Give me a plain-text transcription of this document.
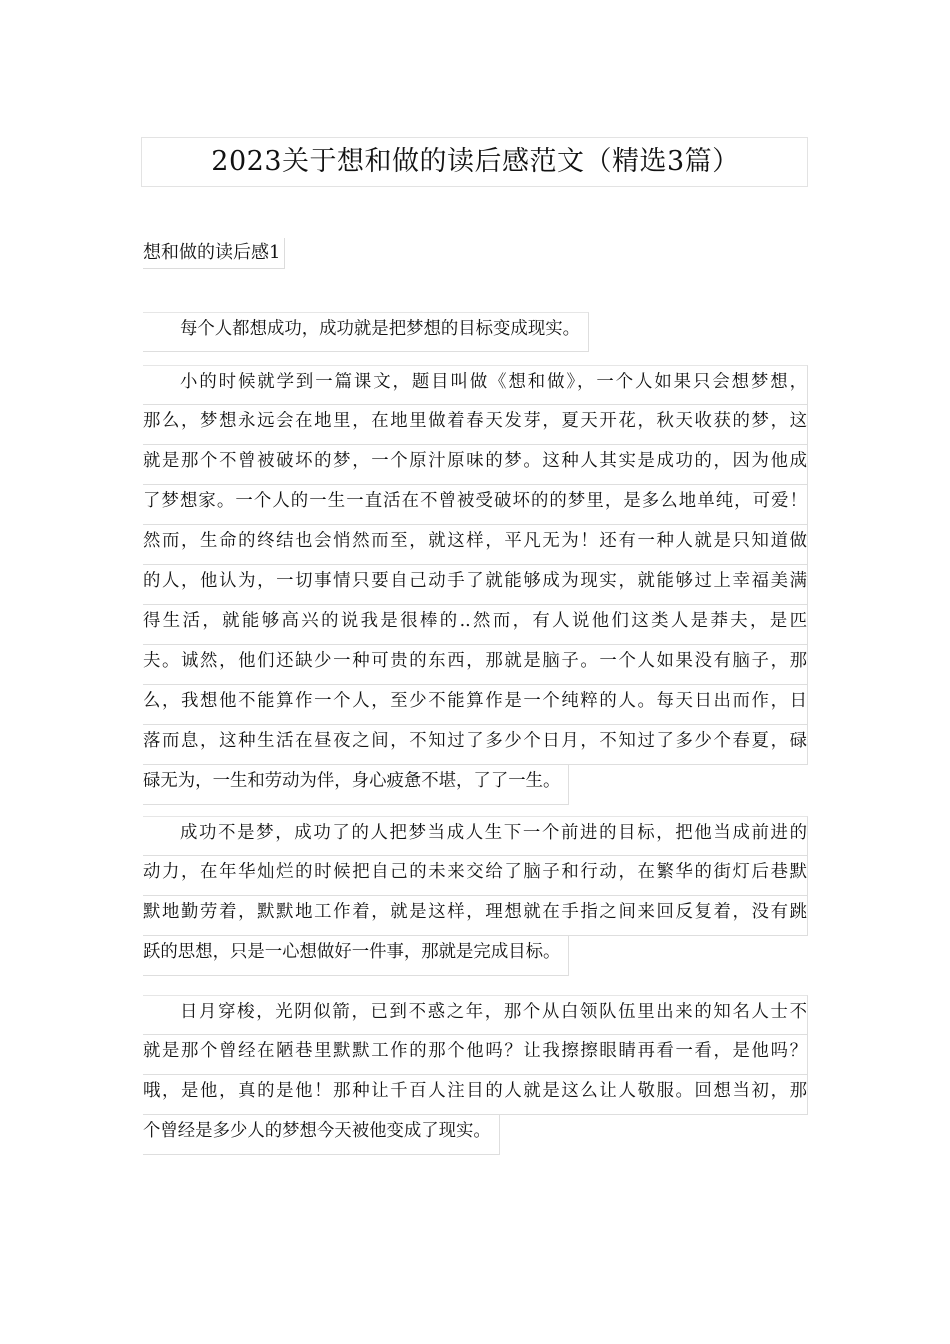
2023关于想和做的读后感范文（精选3篇）
想和做的读后感1
每个人都想成功，成功就是把梦想的目标变成现实。
小的时候就学到一篇课文，题目叫做《想和做》，一个人如果只会想梦想，
那么，梦想永远会在地里，在地里做着春天发芽，夏天开花，秋天收获的梦，这
就是那个不曾被破坏的梦，一个原汁原味的梦。这种人其实是成功的，因为他成
了梦想家。一个人的一生一直活在不曾被受破坏的的梦里，是多么地单纯，可爱！
然而，生命的终结也会悄然而至，就这样，平凡无为！还有一种人就是只知道做
的人，他认为，一切事情只要自己动手了就能够成为现实，就能够过上幸福美满
得生活，就能够高兴的说我是很棒的..然而，有人说他们这类人是莽夫，是匹
夫。诚然，他们还缺少一种可贵的东西，那就是脑子。一个人如果没有脑子，那
么，我想他不能算作一个人，至少不能算作是一个纯粹的人。每天日出而作，日
落而息，这种生活在昼夜之间，不知过了多少个日月，不知过了多少个春夏，碌
碌无为，一生和劳动为伴，身心疲惫不堪，了了一生。
成功不是梦，成功了的人把梦当成人生下一个前进的目标，把他当成前进的
动力，在年华灿烂的时候把自己的未来交给了脑子和行动，在繁华的街灯后巷默
默地勤劳着，默默地工作着，就是这样，理想就在手指之间来回反复着，没有跳
跃的思想，只是一心想做好一件事，那就是完成目标。
日月穿梭，光阴似箭，已到不惑之年，那个从白领队伍里出来的知名人士不
就是那个曾经在陋巷里默默工作的那个他吗？让我擦擦眼睛再看一看，是他吗？
哦，是他，真的是他！那种让千百人注目的人就是这么让人敬服。回想当初，那
个曾经是多少人的梦想今天被他变成了现实。
